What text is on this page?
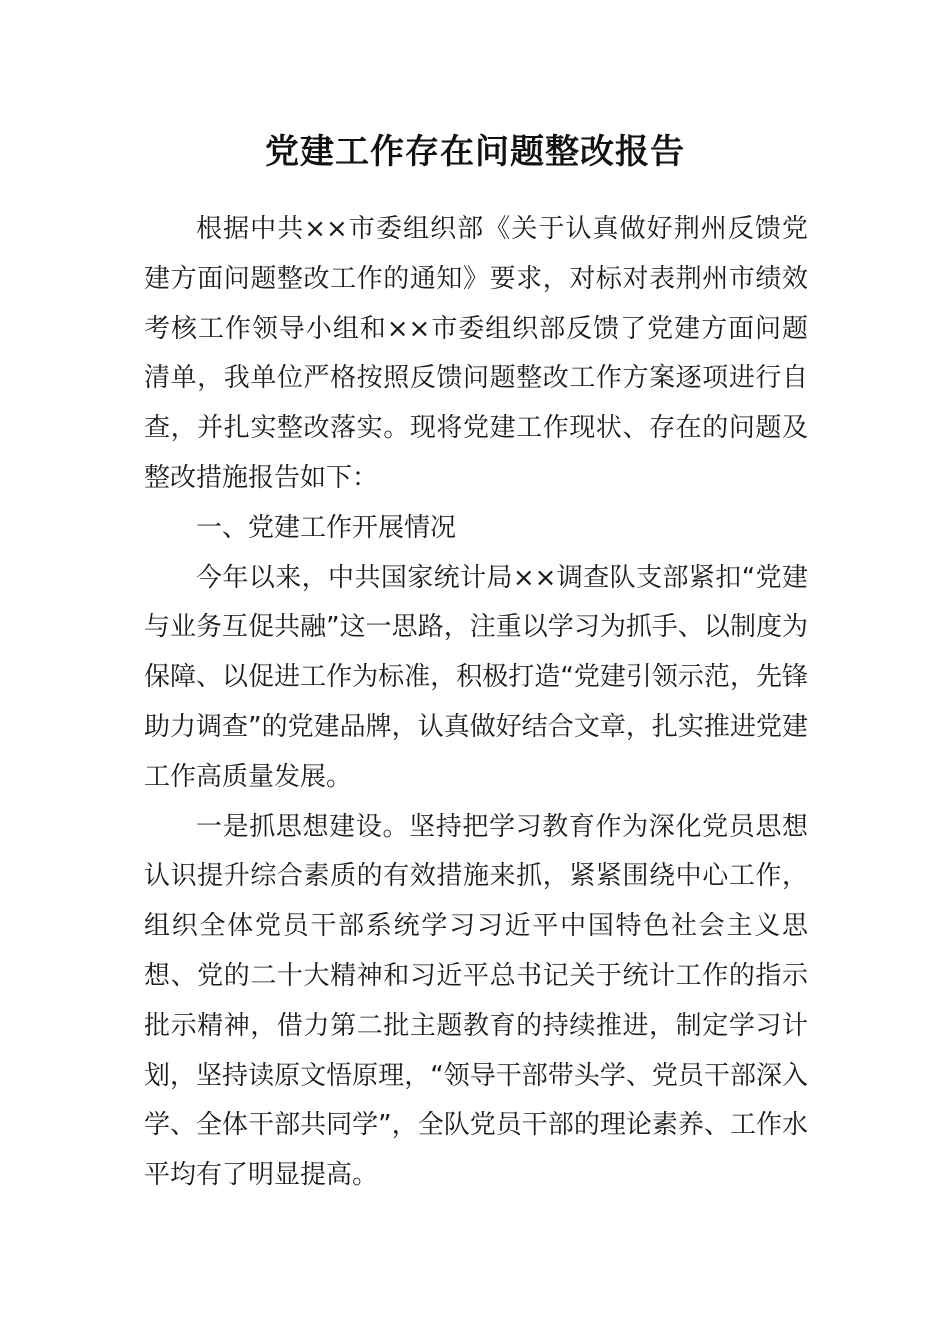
党建工作存在问题整改报告

根据中共××市委组织部《关于认真做好荆州反馈党建方面问题整改工作的通知》要求，对标对表荆州市绩效考核工作领导小组和××市委组织部反馈了党建方面问题清单，我单位严格按照反馈问题整改工作方案逐项进行自查，并扎实整改落实。现将党建工作现状、存在的问题及整改措施报告如下：

一、党建工作开展情况

今年以来，中共国家统计局××调查队支部紧扣“党建与业务互促共融”这一思路，注重以学习为抓手、以制度为保障、以促进工作为标准，积极打造“党建引领示范，先锋助力调查”的党建品牌，认真做好结合文章，扎实推进党建工作高质量发展。

一是抓思想建设。坚持把学习教育作为深化党员思想认识提升综合素质的有效措施来抓，紧紧围绕中心工作，组织全体党员干部系统学习习近平中国特色社会主义思想、党的二十大精神和习近平总书记关于统计工作的指示批示精神，借力第二批主题教育的持续推进，制定学习计划，坚持读原文悟原理，“领导干部带头学、党员干部深入学、全体干部共同学”，全队党员干部的理论素养、工作水平均有了明显提高。
